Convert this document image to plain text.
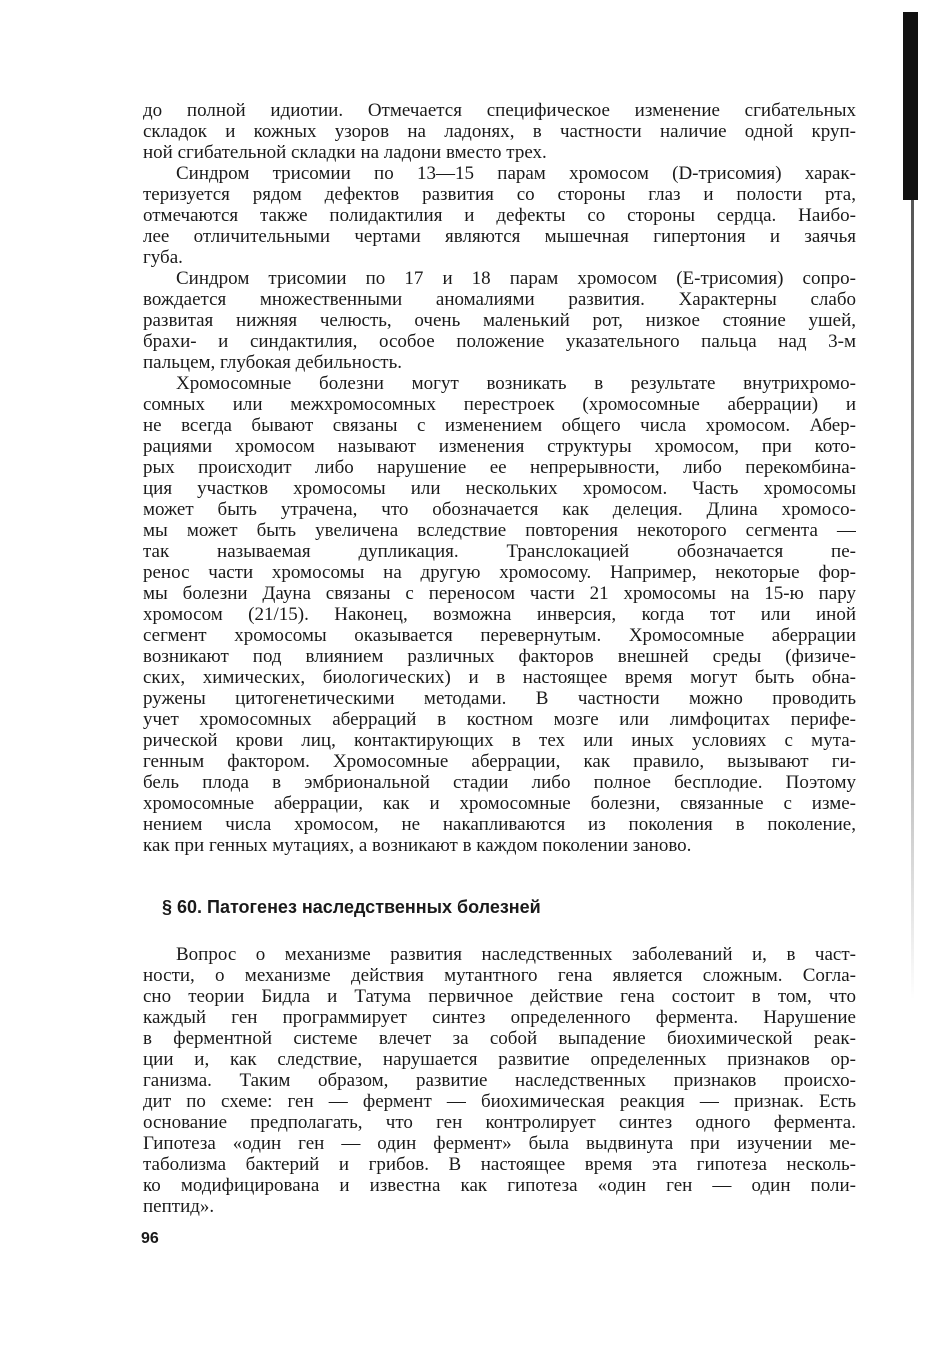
до полной идиотии. Отмечается специфическое изменение сгибательных
складок и кожных узоров на ладонях, в частности наличие одной круп-
ной сгибательной складки на ладони вместо трех.
Синдром трисомии по 13—15 парам хромосом (D-трисомия) харак-
теризуется рядом дефектов развития со стороны глаз и полости рта,
отмечаются также полидактилия и дефекты со стороны сердца. Наибо-
лее отличительными чертами являются мышечная гипертония и заячья
губа.
Синдром трисомии по 17 и 18 парам хромосом (E-трисомия) сопро-
вождается множественными аномалиями развития. Характерны слабо
развитая нижняя челюсть, очень маленький рот, низкое стояние ушей,
брахи- и синдактилия, особое положение указательного пальца над 3-м
пальцем, глубокая дебильность.
Хромосомные болезни могут возникать в результате внутрихромо-
сомных или межхромосомных перестроек (хромосомные аберрации) и
не всегда бывают связаны с изменением общего числа хромосом. Абер-
рациями хромосом называют изменения структуры хромосом, при кото-
рых происходит либо нарушение ее непрерывности, либо перекомбина-
ция участков хромосомы или нескольких хромосом. Часть хромосомы
может быть утрачена, что обозначается как делеция. Длина хромосо-
мы может быть увеличена вследствие повторения некоторого сегмента —
так называемая дупликация. Транслокацией обозначается пе-
ренос части хромосомы на другую хромосому. Например, некоторые фор-
мы болезни Дауна связаны с переносом части 21 хромосомы на 15-ю пару
хромосом (21/15). Наконец, возможна инверсия, когда тот или иной
сегмент хромосомы оказывается перевернутым. Хромосомные аберрации
возникают под влиянием различных факторов внешней среды (физиче-
ских, химических, биологических) и в настоящее время могут быть обна-
ружены цитогенетическими методами. В частности можно проводить
учет хромосомных аберраций в костном мозге или лимфоцитах перифе-
рической крови лиц, контактирующих в тех или иных условиях с мута-
генным фактором. Хромосомные аберрации, как правило, вызывают ги-
бель плода в эмбриональной стадии либо полное бесплодие. Поэтому
хромосомные аберрации, как и хромосомные болезни, связанные с изме-
нением числа хромосом, не накапливаются из поколения в поколение,
как при генных мутациях, а возникают в каждом поколении заново.
§ 60. Патогенез наследственных болезней
Вопрос о механизме развития наследственных заболеваний и, в част-
ности, о механизме действия мутантного гена является сложным. Согла-
сно теории Бидла и Татума первичное действие гена состоит в том, что
каждый ген программирует синтез определенного фермента. Нарушение
в ферментной системе влечет за собой выпадение биохимической реак-
ции и, как следствие, нарушается развитие определенных признаков ор-
ганизма. Таким образом, развитие наследственных признаков происхо-
дит по схеме: ген — фермент — биохимическая реакция — признак. Есть
основание предполагать, что ген контролирует синтез одного фермента.
Гипотеза «один ген — один фермент» была выдвинута при изучении ме-
таболизма бактерий и грибов. В настоящее время эта гипотеза несколь-
ко модифицирована и известна как гипотеза «один ген — один поли-
пептид».
96
